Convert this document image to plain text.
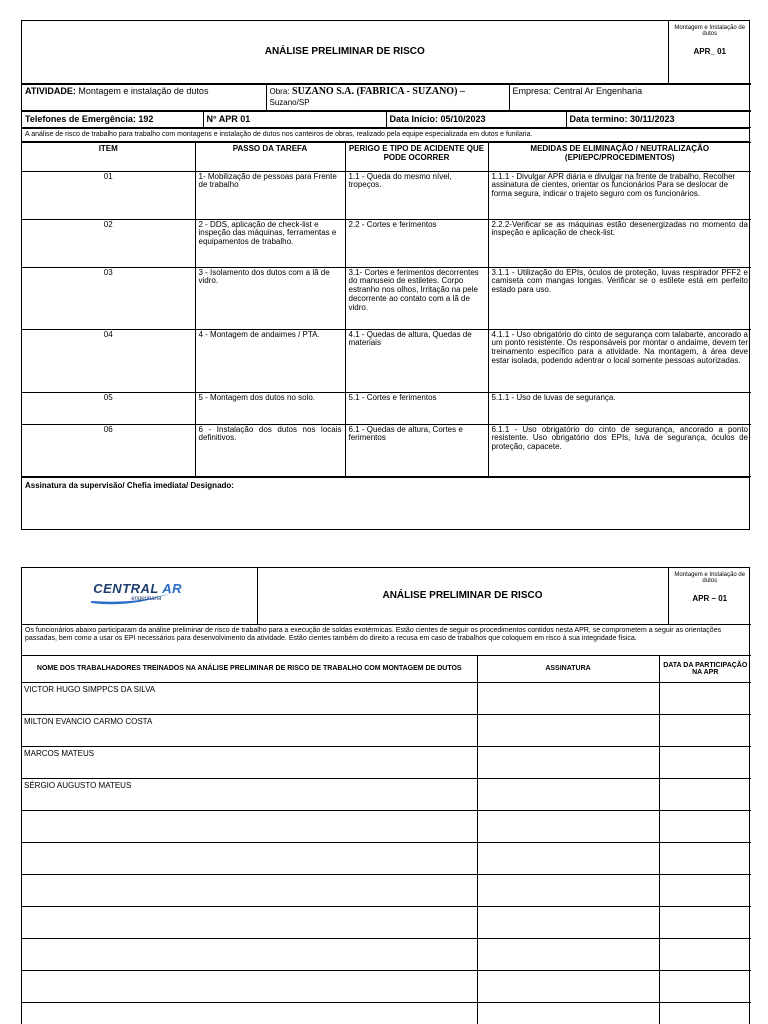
ANÁLISE PRELIMINAR DE RISCO	Montagem e Instalação de dutos
APR_ 01
ATIVIDADE: Montagem e instalação de dutos	Obra: SUZANO S.A. (FABRICA - SUZANO) –
Suzano/SP	Empresa: Central Ar Engenharia
Telefones de Emergência: 192	N° APR 01	Data Início: 05/10/2023	Data termino: 30/11/2023
A análise de risco de trabalho para trabalho com montagens e instalação de dutos nos canteiros de obras, realizado pela equipe especializada em dutos e funilaria.
ITEM	PASSO DA TAREFA	PERIGO E TIPO DE ACIDENTE QUE PODE OCORRER	MEDIDAS DE ELIMINAÇÃO / NEUTRALIZAÇÃO (EPI/EPC/PROCEDIMENTOS)
01	1- Mobilização de pessoas para Frente de trabalho	1.1 - Queda do mesmo nível, tropeços.	1.1.1 - Divulgar APR diária e divulgar na frente de trabalho, Recolher assinatura de cientes, orientar os funcionários Para se deslocar de forma segura, indicar o trajeto seguro com os funcionários.
02	2 - DDS, aplicação de check-list e inspeção das máquinas, ferramentas e equipamentos de trabalho.	2.2 - Cortes e ferimentos	2.2.2-Verificar se as máquinas estão desenergizadas no momento da inspeção e aplicação de check-list.
03	3 - Isolamento dos dutos com a lã de vidro.	3.1- Cortes e ferimentos decorrentes do manuseio de estiletes. Corpo estranho nos olhos, Irritação na pele decorrente ao contato com a lã de vidro.	3.1.1 - Utilização do EPIs, óculos de proteção, luvas respirador PFF2 e camiseta com mangas longas. Verificar se o estilete está em perfeito estado para uso.
04	4 - Montagem de andaimes / PTA.	4.1 - Quedas de altura, Quedas de materiais	4.1.1 - Uso obrigatório do cinto de segurança com talabarte, ancorado a um ponto resistente. Os responsáveis por montar o andaime, devem ter treinamento específico para a atividade. Na montagem, à área deve estar isolada, podendo adentrar o local somente pessoas autorizadas.
05	5 - Montagem dos dutos no solo.	5.1 - Cortes e ferimentos	5.1.1 - Uso de luvas de segurança.
06	6 - Instalação dos dutos nos locais definitivos.	6.1 - Quedas de altura, Cortes e ferimentos	6.1.1 - Uso obrigatório do cinto de segurança, ancorado a ponto resistente. Uso obrigatório dos EPIs, luva de segurança, óculos de proteção, capacete.
Assinatura da supervisão/ Chefia imediata/ Designado:
CENTRAL AR
engenharia	ANÁLISE PRELIMINAR DE RISCO	Montagem e Instalação de dutos
APR – 01
Os funcionários abaixo participaram da análise preliminar de risco de trabalho para a execução de soldas exotérmicas. Estão cientes de seguir os procedimentos contidos nesta APR, se comprometem a seguir as orientações passadas, bem como a usar os EPI necessários para desenvolvimento da atividade. Estão cientes também do direito a recusa em caso de trabalhos que coloquem em risco à sua integridade física.
NOME DOS TRABALHADORES TREINADOS NA ANÁLISE PRELIMINAR DE RISCO DE TRABALHO COM MONTAGEM DE DUTOS	ASSINATURA	DATA DA PARTICIPAÇÃO NA APR
VICTOR HUGO SIMPPCS DA SILVA		
MILTON EVANCIO CARMO COSTA		
MARCOS MATEUS		
SÉRGIO AUGUSTO MATEUS		
